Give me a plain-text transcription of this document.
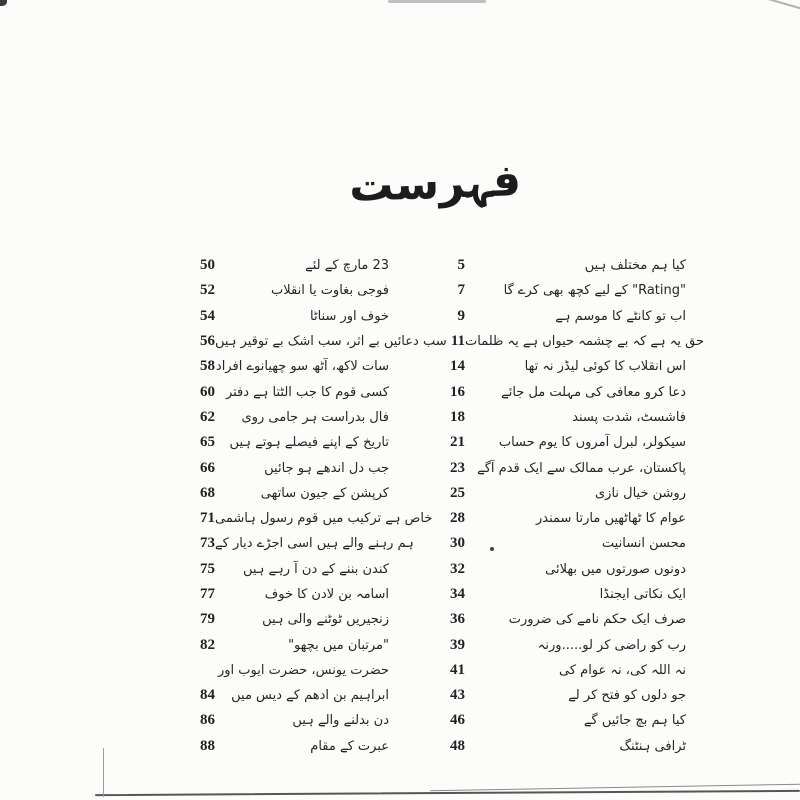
فہرست
50	23 مارچ کے لئے
52	فوجی بغاوت یا انقلاب
54	خوف اور سناٹا
56 سب دعائیں بے اثر، سب اشک بے توقیر ہیں
58 سات لاکھ، آٹھ سو چھیانوے افراد
60 کسی قوم کا جب الٹتا ہے دفتر
62	فال بدراست ہر جامی روی
65	تاریخ کے اپنے فیصلے ہوتے ہیں
66	جب دل اندھے ہو جائیں
68	کرپشن کے جیون ساتھی
71 خاص ہے ترکیب میں قوم رسول ہاشمی
73 ہم رہنے والے ہیں اسی اجڑے دیار کے
75	کندن بننے کے دن آ رہے ہیں
77	اسامہ بن لادن کا خوف
79	زنجیریں ٹوٹنے والی ہیں
82	"مرتبان میں بچھو"
حضرت یونس، حضرت ایوب اور
84	ابراہیم بن ادھم کے دیس میں
86	دن بدلنے والے ہیں
88	عبرت کے مقام
5	کیا ہم مختلف ہیں
7	"Rating" کے لیے کچھ بھی کرے گا
9	اب تو کانٹے کا موسم ہے
11 حق یہ ہے کہ بے چشمہ حیواں ہے یہ ظلمات
14	اس انقلاب کا کوئی لیڈر نہ تھا
16	دعا کرو معافی کی مہلت مل جائے
18	فاشسٹ، شدت پسند
21	سیکولر، لبرل آمروں کا یوم حساب
23 پاکستان، عرب ممالک سے ایک قدم آگے
25	روشن خیال نازی
28	عوام کا ٹھاٹھیں مارتا سمندر
30	محسن انسانیت
32	دونوں صورتوں میں بھلائی
34	ایک نکاتی ایجنڈا
36	صرف ایک حکم نامے کی ضرورت
39	رب کو راضی کر لو.....ورنہ
41	نہ اللہ کی، نہ عوام کی
43	جو دلوں کو فتح کر لے
46	کیا ہم بچ جائیں گے
48	ٹرافی ہنٹنگ
